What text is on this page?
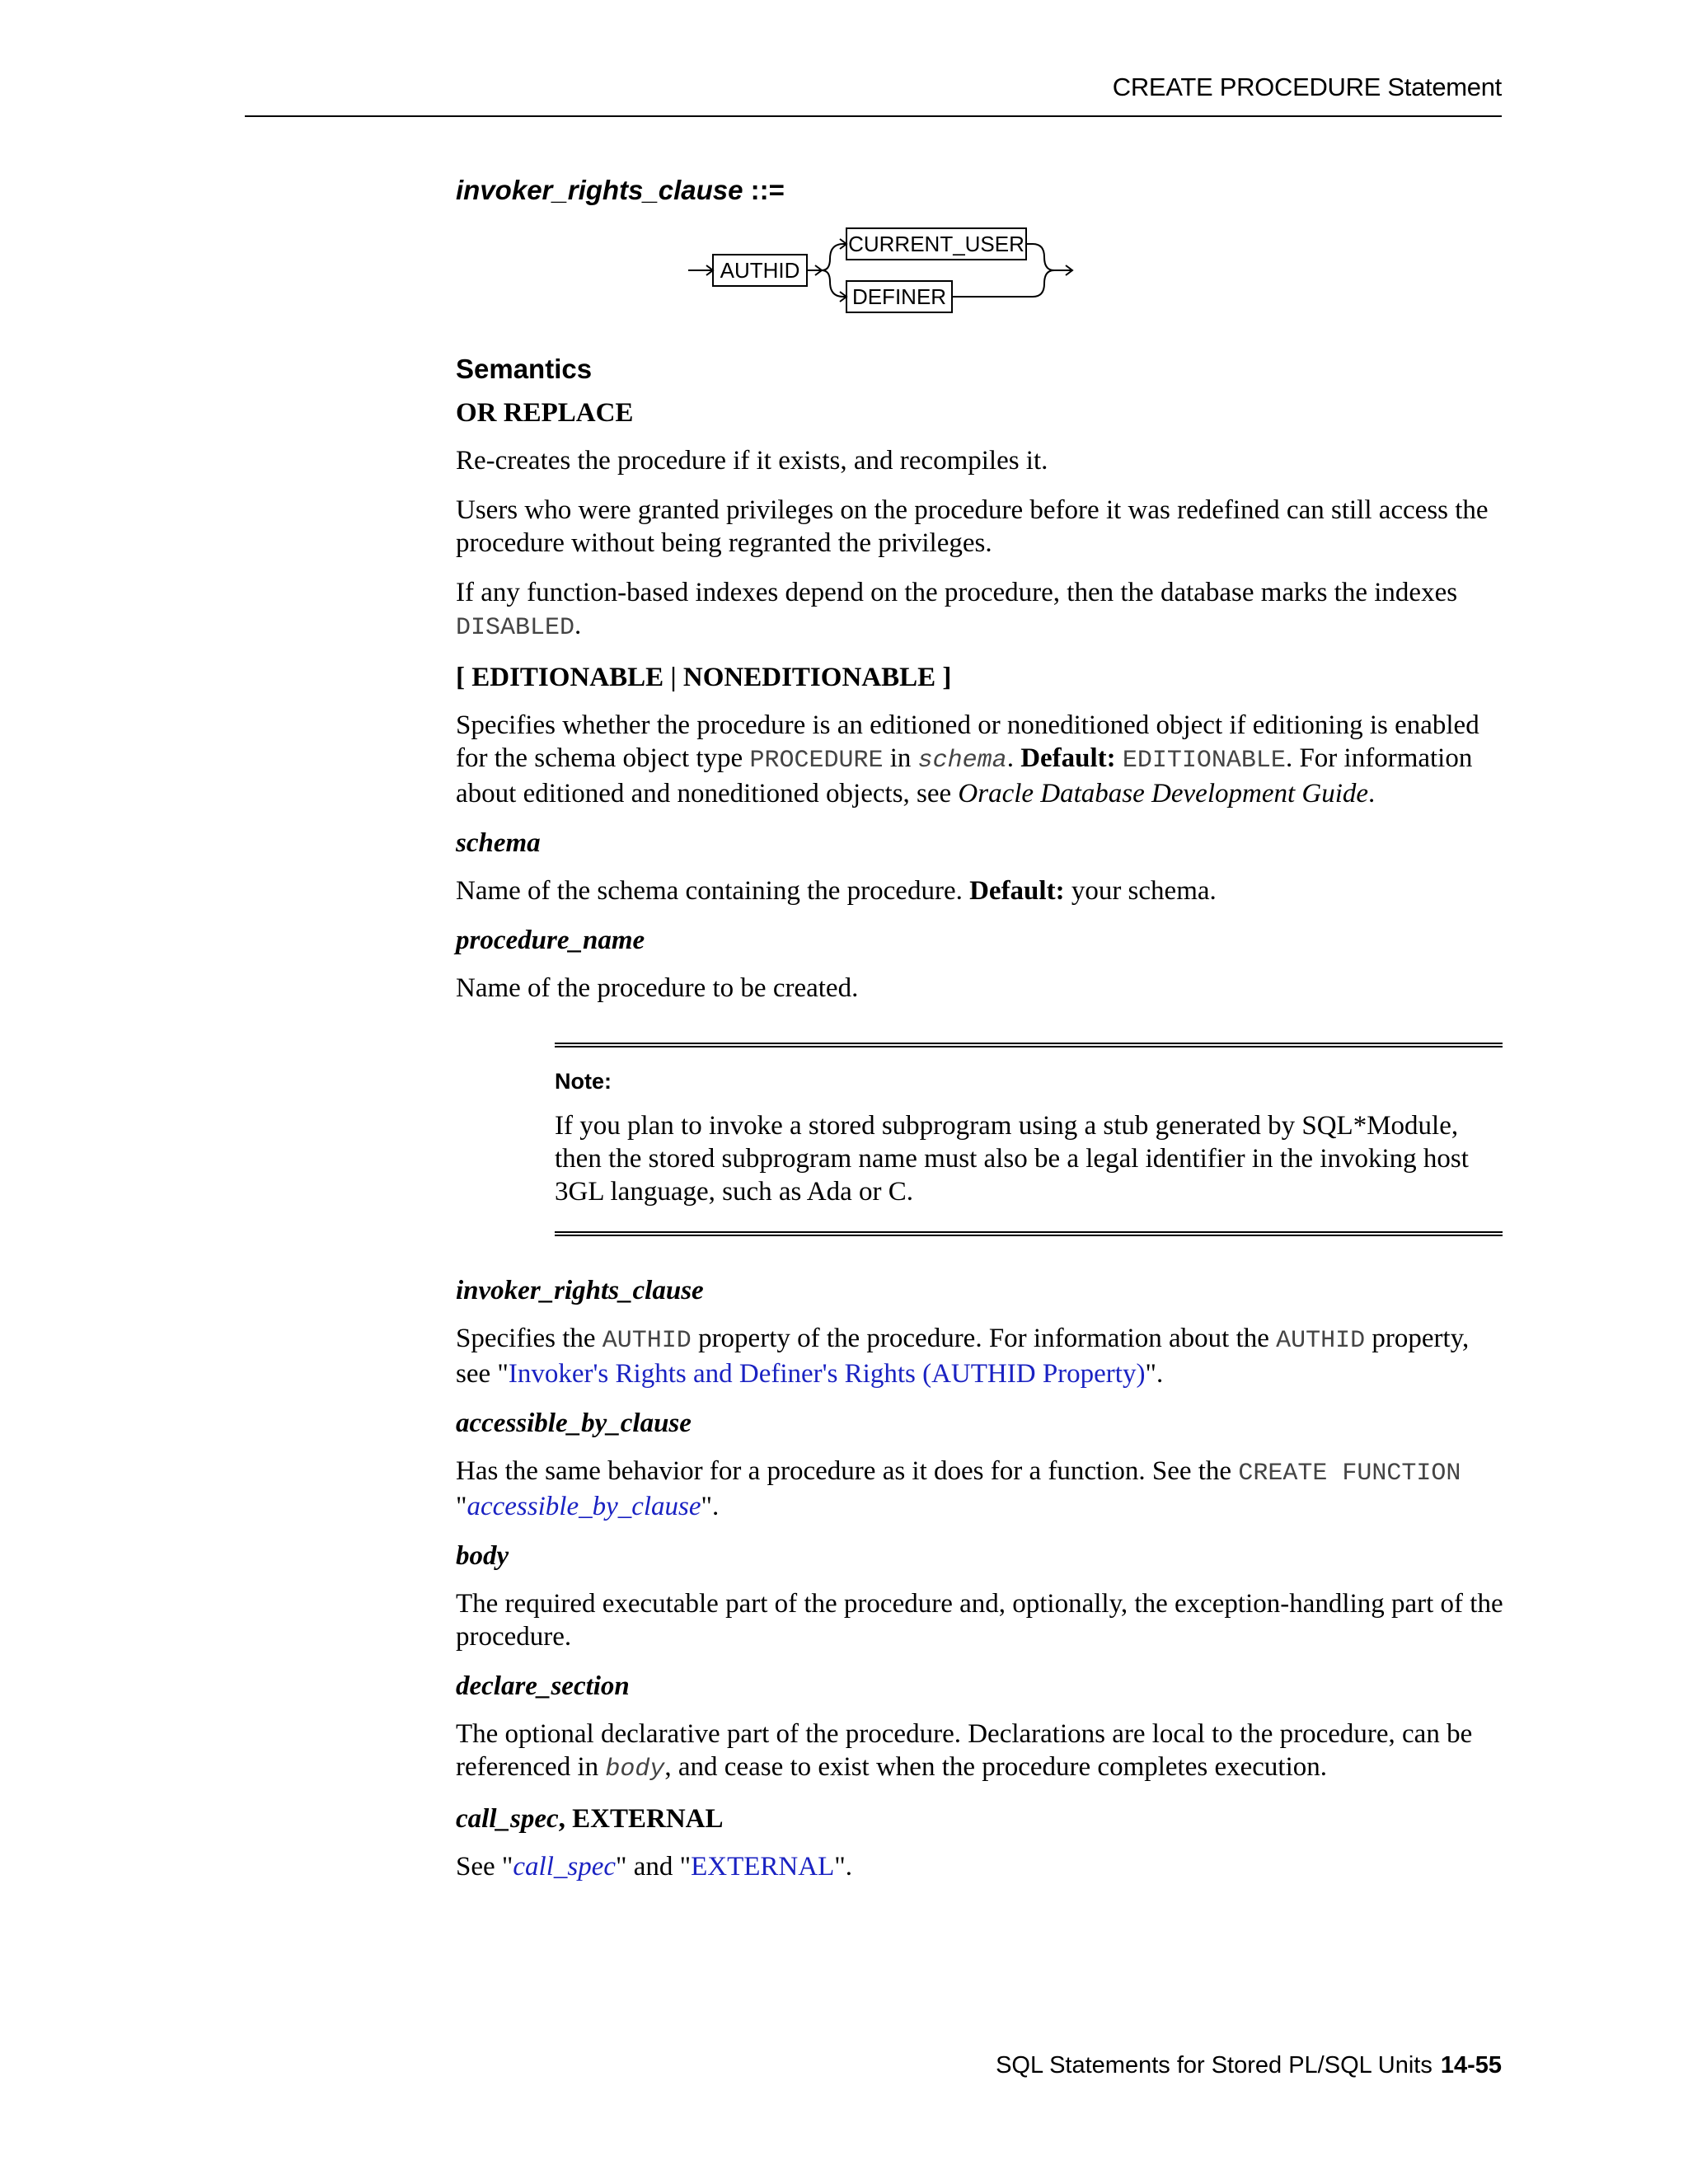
CREATE PROCEDURE Statement
invoker_rights_clause ::=
AUTHID
CURRENT_USER
DEFINER
Semantics
OR REPLACE

Re-creates the procedure if it exists, and recompiles it.

Users who were granted privileges on the procedure before it was redefined can still access the procedure without being regranted the privileges.

If any function-based indexes depend on the procedure, then the database marks the indexes DISABLED.

[ EDITIONABLE | NONEDITIONABLE ]

Specifies whether the procedure is an editioned or noneditioned object if editioning is enabled for the schema object type PROCEDURE in schema. Default: EDITIONABLE. For information about editioned and noneditioned objects, see Oracle Database Development Guide.

schema

Name of the schema containing the procedure. Default: your schema.

procedure_name

Name of the procedure to be created.

Note:

If you plan to invoke a stored subprogram using a stub generated by SQL*Module, then the stored subprogram name must also be a legal identifier in the invoking host 3GL language, such as Ada or C.

invoker_rights_clause

Specifies the AUTHID property of the procedure. For information about the AUTHID property, see "Invoker's Rights and Definer's Rights (AUTHID Property)".

accessible_by_clause

Has the same behavior for a procedure as it does for a function. See the CREATE FUNCTION "accessible_by_clause".

body

The required executable part of the procedure and, optionally, the exception-handling part of the procedure.

declare_section

The optional declarative part of the procedure. Declarations are local to the procedure, can be referenced in body, and cease to exist when the procedure completes execution.

call_spec, EXTERNAL

See "call_spec" and "EXTERNAL".

SQL Statements for Stored PL/SQL Units 14-55
